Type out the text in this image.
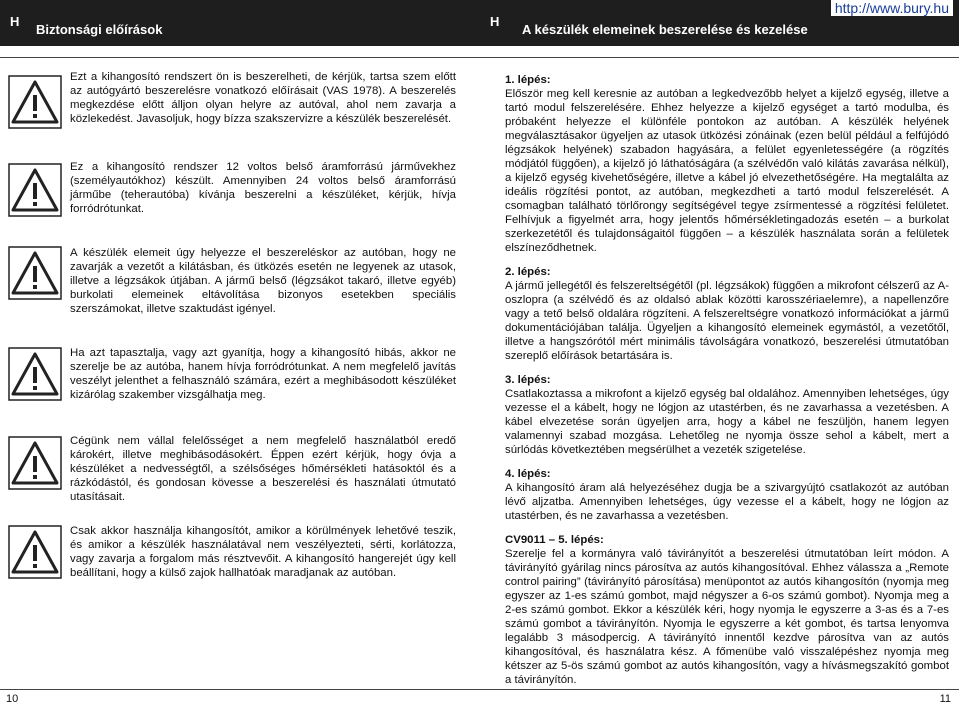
H
Biztonsági előírások
H
A készülék elemeinek beszerelése és kezelése
http://www.bury.hu
Ezt a kihangosító rendszert ön is beszerelheti, de kérjük, tartsa szem előtt az autógyártó beszerelésre vonatkozó előírásait (VAS 1978). A beszerelés megkezdése előtt álljon olyan helyre az autóval, ahol nem zavarja a közlekedést. Javasoljuk, hogy bízza szakszervizre a készülék beszerelését.
Ez a kihangosító rendszer 12 voltos belső áramforrású járművekhez (személyautókhoz) készült. Amennyiben 24 voltos belső áramforrású járműbe (teherautóba) kívánja beszerelni a készüléket, kérjük, hívja forródrótunkat.
A készülék elemeit úgy helyezze el beszereléskor az autóban, hogy ne zavarják a vezetőt a kilátásban, és ütközés esetén ne legyenek az utasok, illetve a légzsákok útjában. A jármű belső (légzsákot takaró, illetve egyéb) burkolati elemeinek eltávolítása bizonyos esetekben speciális szerszámokat, illetve szaktudást igényel.
Ha azt tapasztalja, vagy azt gyanítja, hogy a kihangosító hibás, akkor ne szerelje be az autóba, hanem hívja forródrótunkat. A nem megfelelő javítás veszélyt jelenthet a felhasználó számára, ezért a meghibásodott készüléket kizárólag szakember vizsgálhatja meg.
Cégünk nem vállal felelősséget a nem megfelelő használatból eredő károkért, illetve meghibásodásokért. Éppen ezért kérjük, hogy óvja a készüléket a nedvességtől, a szélsőséges hőmérsékleti hatásoktól és a rázkódástól, és gondosan kövesse a beszerelési és használati útmutató utasításait.
Csak akkor használja kihangosítót, amikor a körülmények lehetővé teszik, és amikor a készülék használatával nem veszélyezteti, sérti, korlátozza, vagy zavarja a forgalom más résztvevőit. A kihangosító hangerejét úgy kell beállítani, hogy a külső zajok hallhatóak maradjanak az autóban.
1. lépés:
Először meg kell keresnie az autóban a legkedvezőbb helyet a kijelző egység, illetve a tartó modul felszerelésére. Ehhez helyezze a kijelző egységet a tartó modulba, és próbaként helyezze el különféle pontokon az autóban. A készülék helyének megválasztásakor ügyeljen az utasok ütközési zónáinak (ezen belül például a felfújódó légzsákok helyének) szabadon hagyására, a felület egyenletességére (a rögzítés módjától függően), a kijelző jó láthatóságára (a szélvédőn való kilátás zavarása nélkül), a kijelző egység kivehetőségére, illetve a kábel jó elvezethetőségére. Ha megtalálta az ideális rögzítési pontot, az autóban, megkezdheti a tartó modul felszerelését. A csomagban található törlőrongy segítségével tegye zsírmentessé a rögzítési felületet. Felhívjuk a figyelmét arra, hogy jelentős hőmérsékletingadozás esetén – a burkolat szerkezetétől és tulajdonságaitól függően – a készülék használata során a felületek elszíneződhetnek.
2. lépés:
A jármű jellegétől és felszereltségétől (pl. légzsákok) függően a mikrofont célszerű az A-oszlopra (a szélvédő és az oldalsó ablak közötti karosszériaelemre), a napellenzőre vagy a tető belső oldalára rögzíteni. A felszereltségre vonatkozó információkat a jármű dokumentációjában találja. Ügyeljen a kihangosító elemeinek egymástól, a vezetőtől, illetve a hangszórótól mért minimális távolságára vonatkozó, beszerelési útmutatóban szereplő előírások betartására is.
3. lépés:
Csatlakoztassa a mikrofont a kijelző egység bal oldalához. Amennyiben lehetséges, úgy vezesse el a kábelt, hogy ne lógjon az utastérben, és ne zavarhassa a vezetésben. A kábel elvezetése során ügyeljen arra, hogy a kábel ne feszüljön, hanem legyen valamennyi szabad mozgása. Lehetőleg ne nyomja össze sehol a kábelt, mert a súrlódás következtében megsérülhet a vezeték szigetelése.
4. lépés:
A kihangosító áram alá helyezéséhez dugja be a szivargyújtó csatlakozót az autóban lévő aljzatba. Amennyiben lehetséges, úgy vezesse el a kábelt, hogy ne lógjon az utastérben, és ne zavarhassa a vezetésben.
CV9011 – 5. lépés:
Szerelje fel a kormányra való távirányítót a beszerelési útmutatóban leírt módon. A távirányító gyárilag nincs párosítva az autós kihangosítóval. Ehhez válassza a „Remote control pairing” (távirányító párosítása) menüpontot az autós kihangosítón (nyomja meg egyszer az 1-es számú gombot, majd négyszer a 6-os számú gombot). Nyomja meg a 2-es számú gombot. Ekkor a készülék kéri, hogy nyomja le egyszerre a 3-as és a 7-es számú gombot a távirányítón. Nyomja le egyszerre a két gombot, és tartsa lenyomva legalább 3 másodpercig. A távirányító innentől kezdve párosítva van az autós kihangosítóval, és használatra kész. A főmenübe való visszalépéshez nyomja meg kétszer az 5-ös számú gombot az autós kihangosítón, vagy a hívásmegszakító gombot a távirányítón.
10	11
